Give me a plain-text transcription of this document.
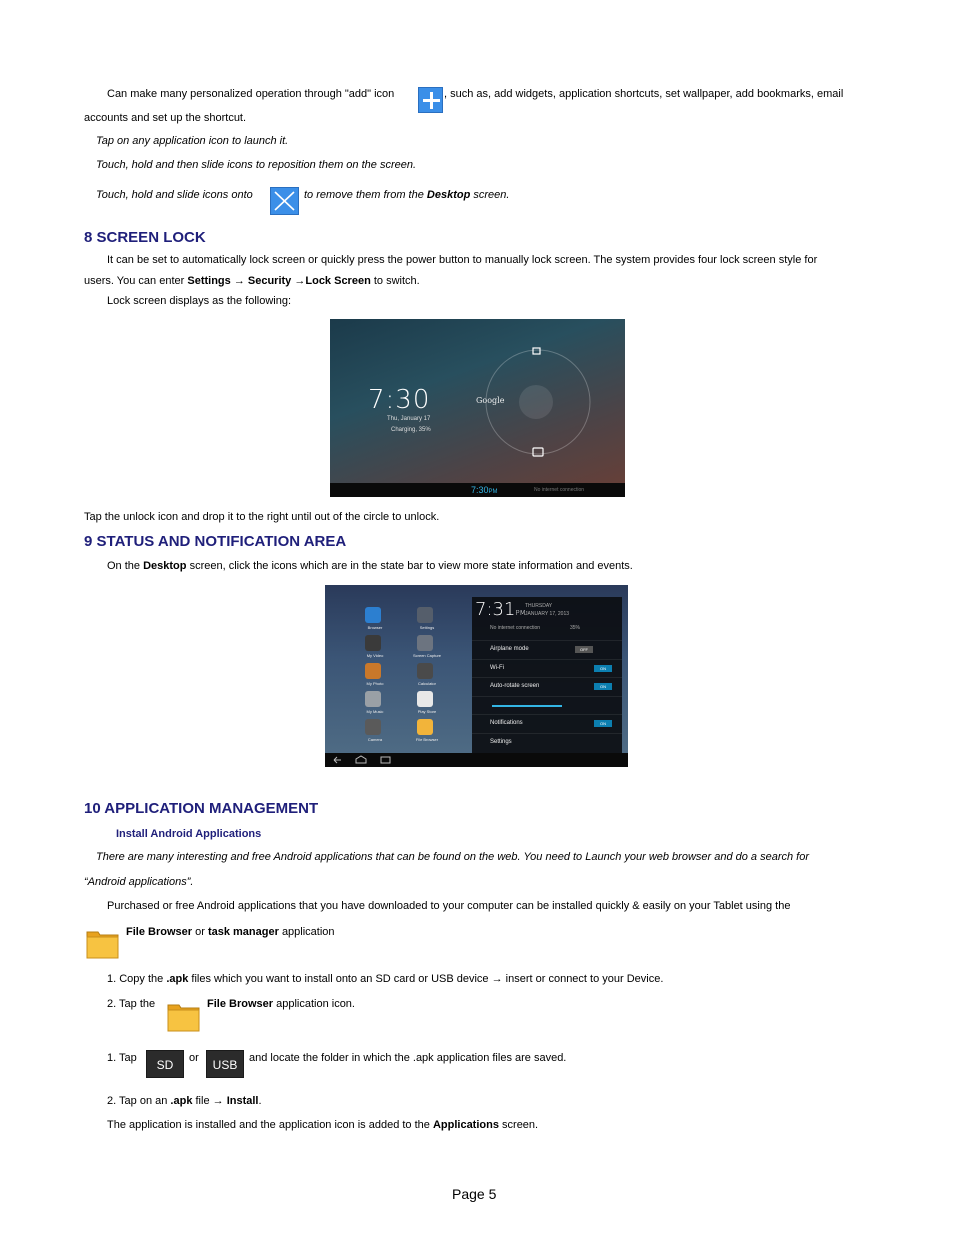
Can make many personalized operation through "add" icon	, such as, add widgets, application shortcuts, set wallpaper, add bookmarks, email
accounts and set up the shortcut.
Tap on any application icon to launch it.
Touch, hold and then slide icons to reposition them on the screen.
Touch, hold and slide icons onto	to remove them from the Desktop screen.
8 SCREEN LOCK
It can be set to automatically lock screen or quickly press the power button to manually lock screen. The system provides four lock screen style for
users. You can enter Settings → Security →Lock Screen to switch.
Lock screen displays as the following:
7:30
Thu, January 17
Charging, 35%
Google
7:30PM	No internet connection
Tap the unlock icon and drop it to the right until out of the circle to unlock.
9 STATUS AND NOTIFICATION AREA
On the Desktop screen, click the icons which are in the state bar to view more state information and events.
Browser	Settings
My Video	Screen Capture
My Photo	Calculator
My Music	Play Store
Camera	File Browser
7:31PM
THURSDAY
JANUARY 17, 2013
No internet connection	35%
Airplane mode	OFF
Wi-Fi	ON
Auto-rotate screen	ON
Notifications	ON
Settings
10 APPLICATION MANAGEMENT
Install Android Applications
There are many interesting and free Android applications that can be found on the web. You need to Launch your web browser and do a search for
“Android applications”.
Purchased or free Android applications that you have downloaded to your computer can be installed quickly & easily on your Tablet using the
File Browser or task manager application
1. Copy the .apk files which you want to install onto an SD card or USB device → insert or connect to your Device.
2. Tap the	File Browser application icon.
1. Tap	SD	or	USB	and locate the folder in which the .apk application files are saved.
2. Tap on an .apk file → Install.
The application is installed and the application icon is added to the Applications screen.
Page 5
